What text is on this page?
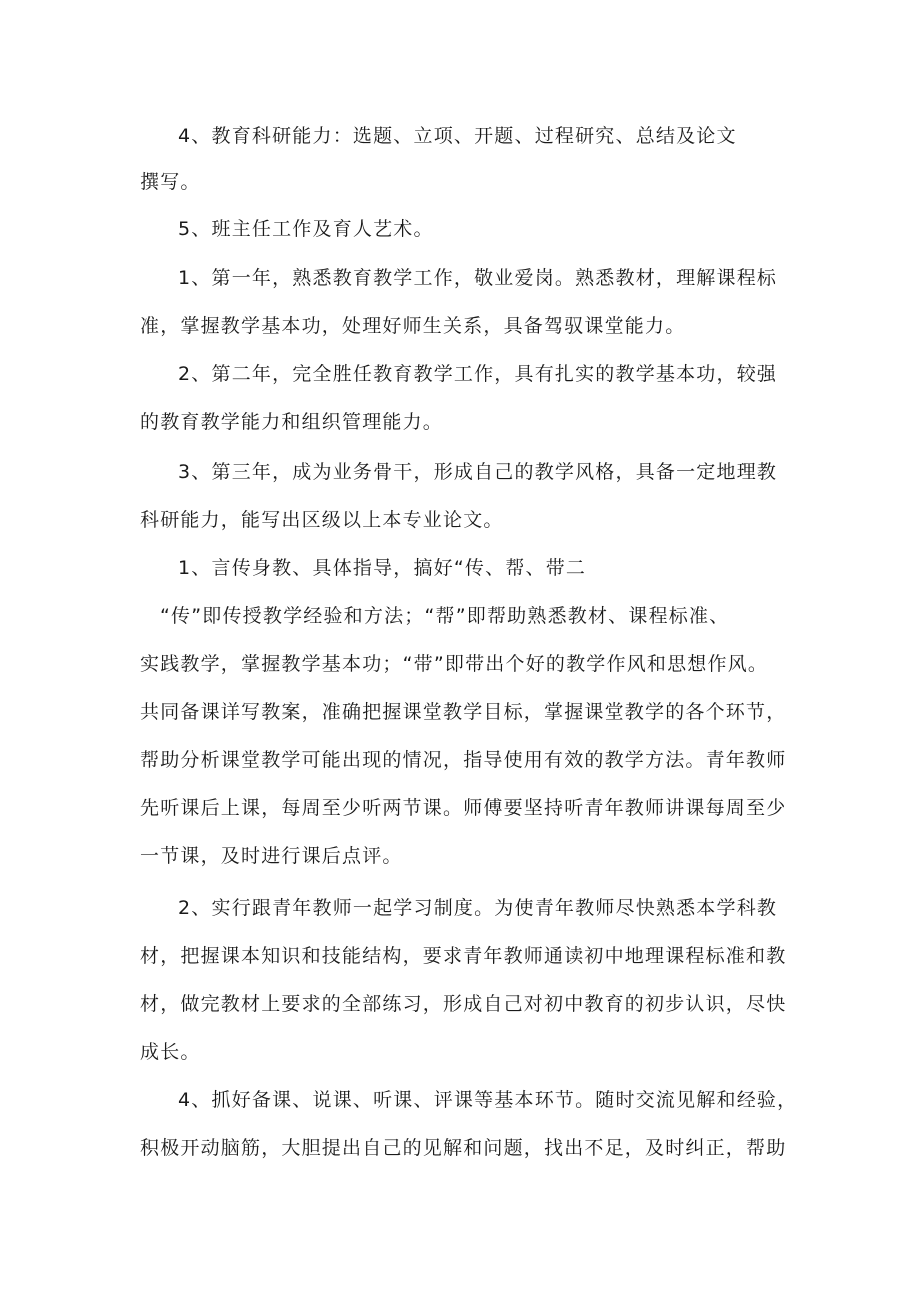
4、教育科研能力：选题、立项、开题、过程研究、总结及论文
撰写。
5、班主任工作及育人艺术。
1、第一年，熟悉教育教学工作，敬业爱岗。熟悉教材，理解课程标
准，掌握教学基本功，处理好师生关系，具备驾驭课堂能力。
2、第二年，完全胜任教育教学工作，具有扎实的教学基本功，较强
的教育教学能力和组织管理能力。
3、第三年，成为业务骨干，形成自己的教学风格，具备一定地理教
科研能力，能写出区级以上本专业论文。
1、言传身教、具体指导，搞好“传、帮、带二
“传”即传授教学经验和方法；“帮”即帮助熟悉教材、课程标准、
实践教学，掌握教学基本功；“带”即带出个好的教学作风和思想作风。
共同备课详写教案，准确把握课堂教学目标，掌握课堂教学的各个环节，
帮助分析课堂教学可能出现的情况，指导使用有效的教学方法。青年教师
先听课后上课，每周至少听两节课。师傅要坚持听青年教师讲课每周至少
一节课，及时进行课后点评。
2、实行跟青年教师一起学习制度。为使青年教师尽快熟悉本学科教
材，把握课本知识和技能结构，要求青年教师通读初中地理课程标准和教
材，做完教材上要求的全部练习，形成自己对初中教育的初步认识，尽快
成长。
4、抓好备课、说课、听课、评课等基本环节。随时交流见解和经验，
积极开动脑筋，大胆提出自己的见解和问题，找出不足，及时纠正，帮助
